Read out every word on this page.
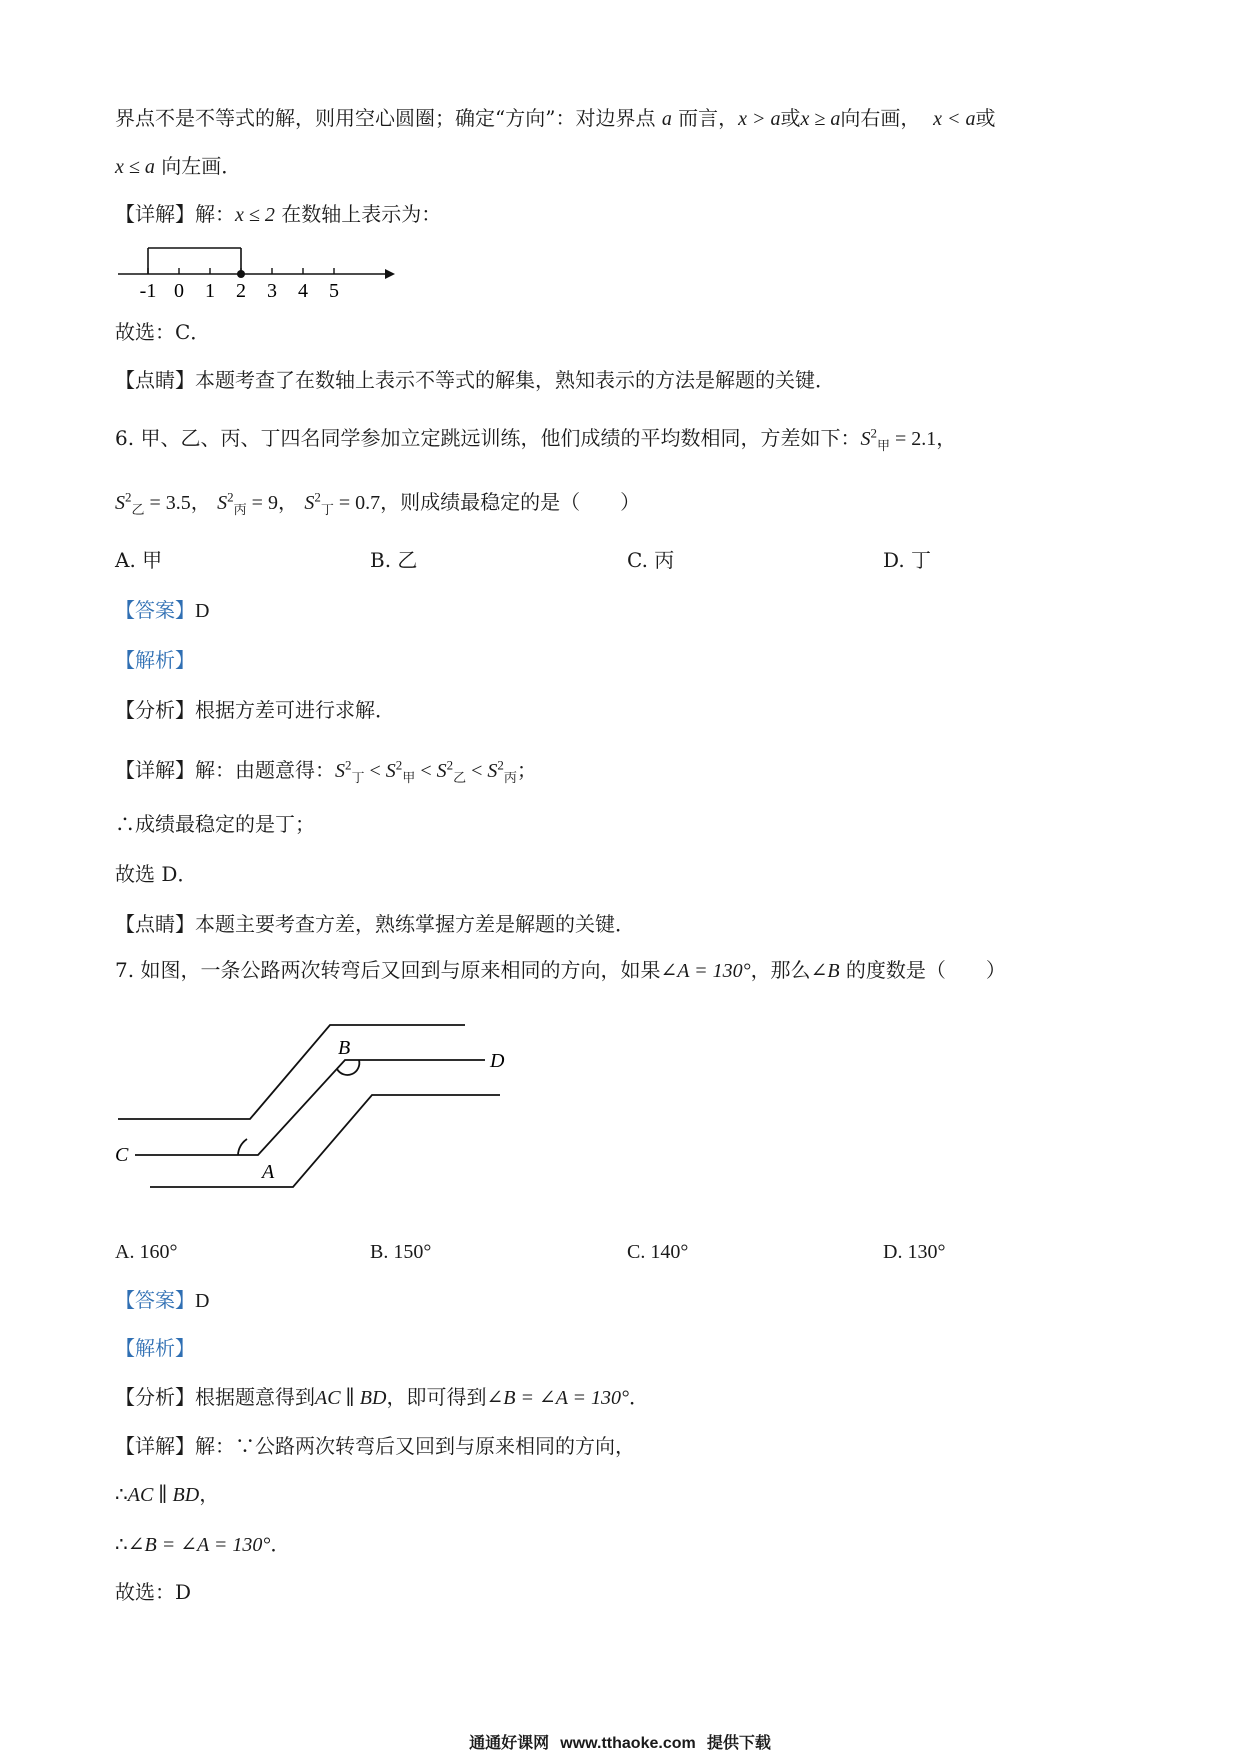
界点不是不等式的解，则用空心圆圈；确定“方向”：对边界点 a 而言，x > a或x ≥ a向右画， x < a或
x ≤ a 向左画．
【详解】解：x ≤ 2 在数轴上表示为：
-1 0 1 2 3 4 5
故选：C．
【点睛】本题考查了在数轴上表示不等式的解集，熟知表示的方法是解题的关键．
6. 甲、乙、丙、丁四名同学参加立定跳远训练，他们成绩的平均数相同，方差如下：$S^2_甲 = 2.1$，
$S^2_乙 = 3.5$， $S^2_丙 = 9$， $S^2_丁 = 0.7$，则成绩最稳定的是（　　）
A. 甲	B. 乙	C. 丙	D. 丁
【答案】D
【解析】
【分析】根据方差可进行求解．
【详解】解：由题意得：$S^2_丁 < S^2_甲 < S^2_乙 < S^2_丙$；
∴成绩最稳定的是丁；
故选 D．
【点睛】本题主要考查方差，熟练掌握方差是解题的关键．
7. 如图，一条公路两次转弯后又回到与原来相同的方向，如果∠A = 130°，那么∠B 的度数是（　　）
B
D
C
A
A. 160°	B. 150°	C. 140°	D. 130°
【答案】D
【解析】
【分析】根据题意得到AC ∥ BD，即可得到∠B = ∠A = 130°．
【详解】解：∵公路两次转弯后又回到与原来相同的方向，
∴AC ∥ BD，
∴∠B = ∠A = 130°．
故选：D
通通好课网 www.tthaoke.com 提供下载
